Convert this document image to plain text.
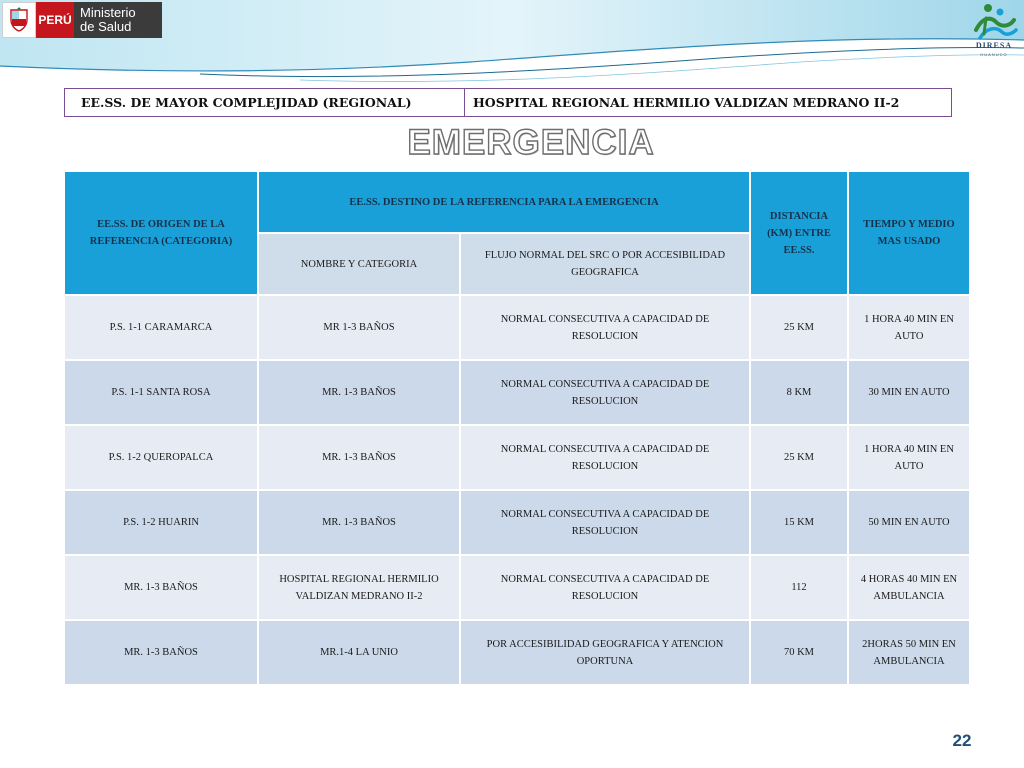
PERÚ Ministerio
de Salud
DIRESA
HUANUCO
EE.SS. DE MAYOR COMPLEJIDAD (REGIONAL)	HOSPITAL REGIONAL HERMILIO VALDIZAN MEDRANO II-2
EMERGENCIA
EE.SS. DE ORIGEN DE LA REFERENCIA (CATEGORIA)	EE.SS. DESTINO DE LA REFERENCIA PARA LA EMERGENCIA		DISTANCIA (KM) ENTRE EE.SS.	TIEMPO Y MEDIO MAS USADO
	NOMBRE Y CATEGORIA	FLUJO NORMAL DEL SRC O POR ACCESIBILIDAD GEOGRAFICA		
P.S. 1-1 CARAMARCA	MR 1-3 BAÑOS	NORMAL CONSECUTIVA A CAPACIDAD DE RESOLUCION	25 KM	1 HORA 40 MIN EN AUTO
P.S. 1-1 SANTA ROSA	MR. 1-3 BAÑOS	NORMAL CONSECUTIVA A CAPACIDAD DE RESOLUCION	8 KM	30 MIN EN AUTO
P.S. 1-2 QUEROPALCA	MR. 1-3 BAÑOS	NORMAL CONSECUTIVA A CAPACIDAD DE RESOLUCION	25 KM	1 HORA 40 MIN EN AUTO
P.S. 1-2 HUARIN	MR. 1-3 BAÑOS	NORMAL CONSECUTIVA A CAPACIDAD DE RESOLUCION	15 KM	50 MIN EN AUTO
MR. 1-3 BAÑOS	HOSPITAL REGIONAL HERMILIO VALDIZAN MEDRANO II-2	NORMAL CONSECUTIVA A CAPACIDAD DE RESOLUCION	112	4 HORAS 40 MIN EN AMBULANCIA
MR. 1-3 BAÑOS	MR.1-4 LA UNIO	POR ACCESIBILIDAD GEOGRAFICA Y ATENCION OPORTUNA	70 KM	2HORAS 50 MIN EN AMBULANCIA
22
